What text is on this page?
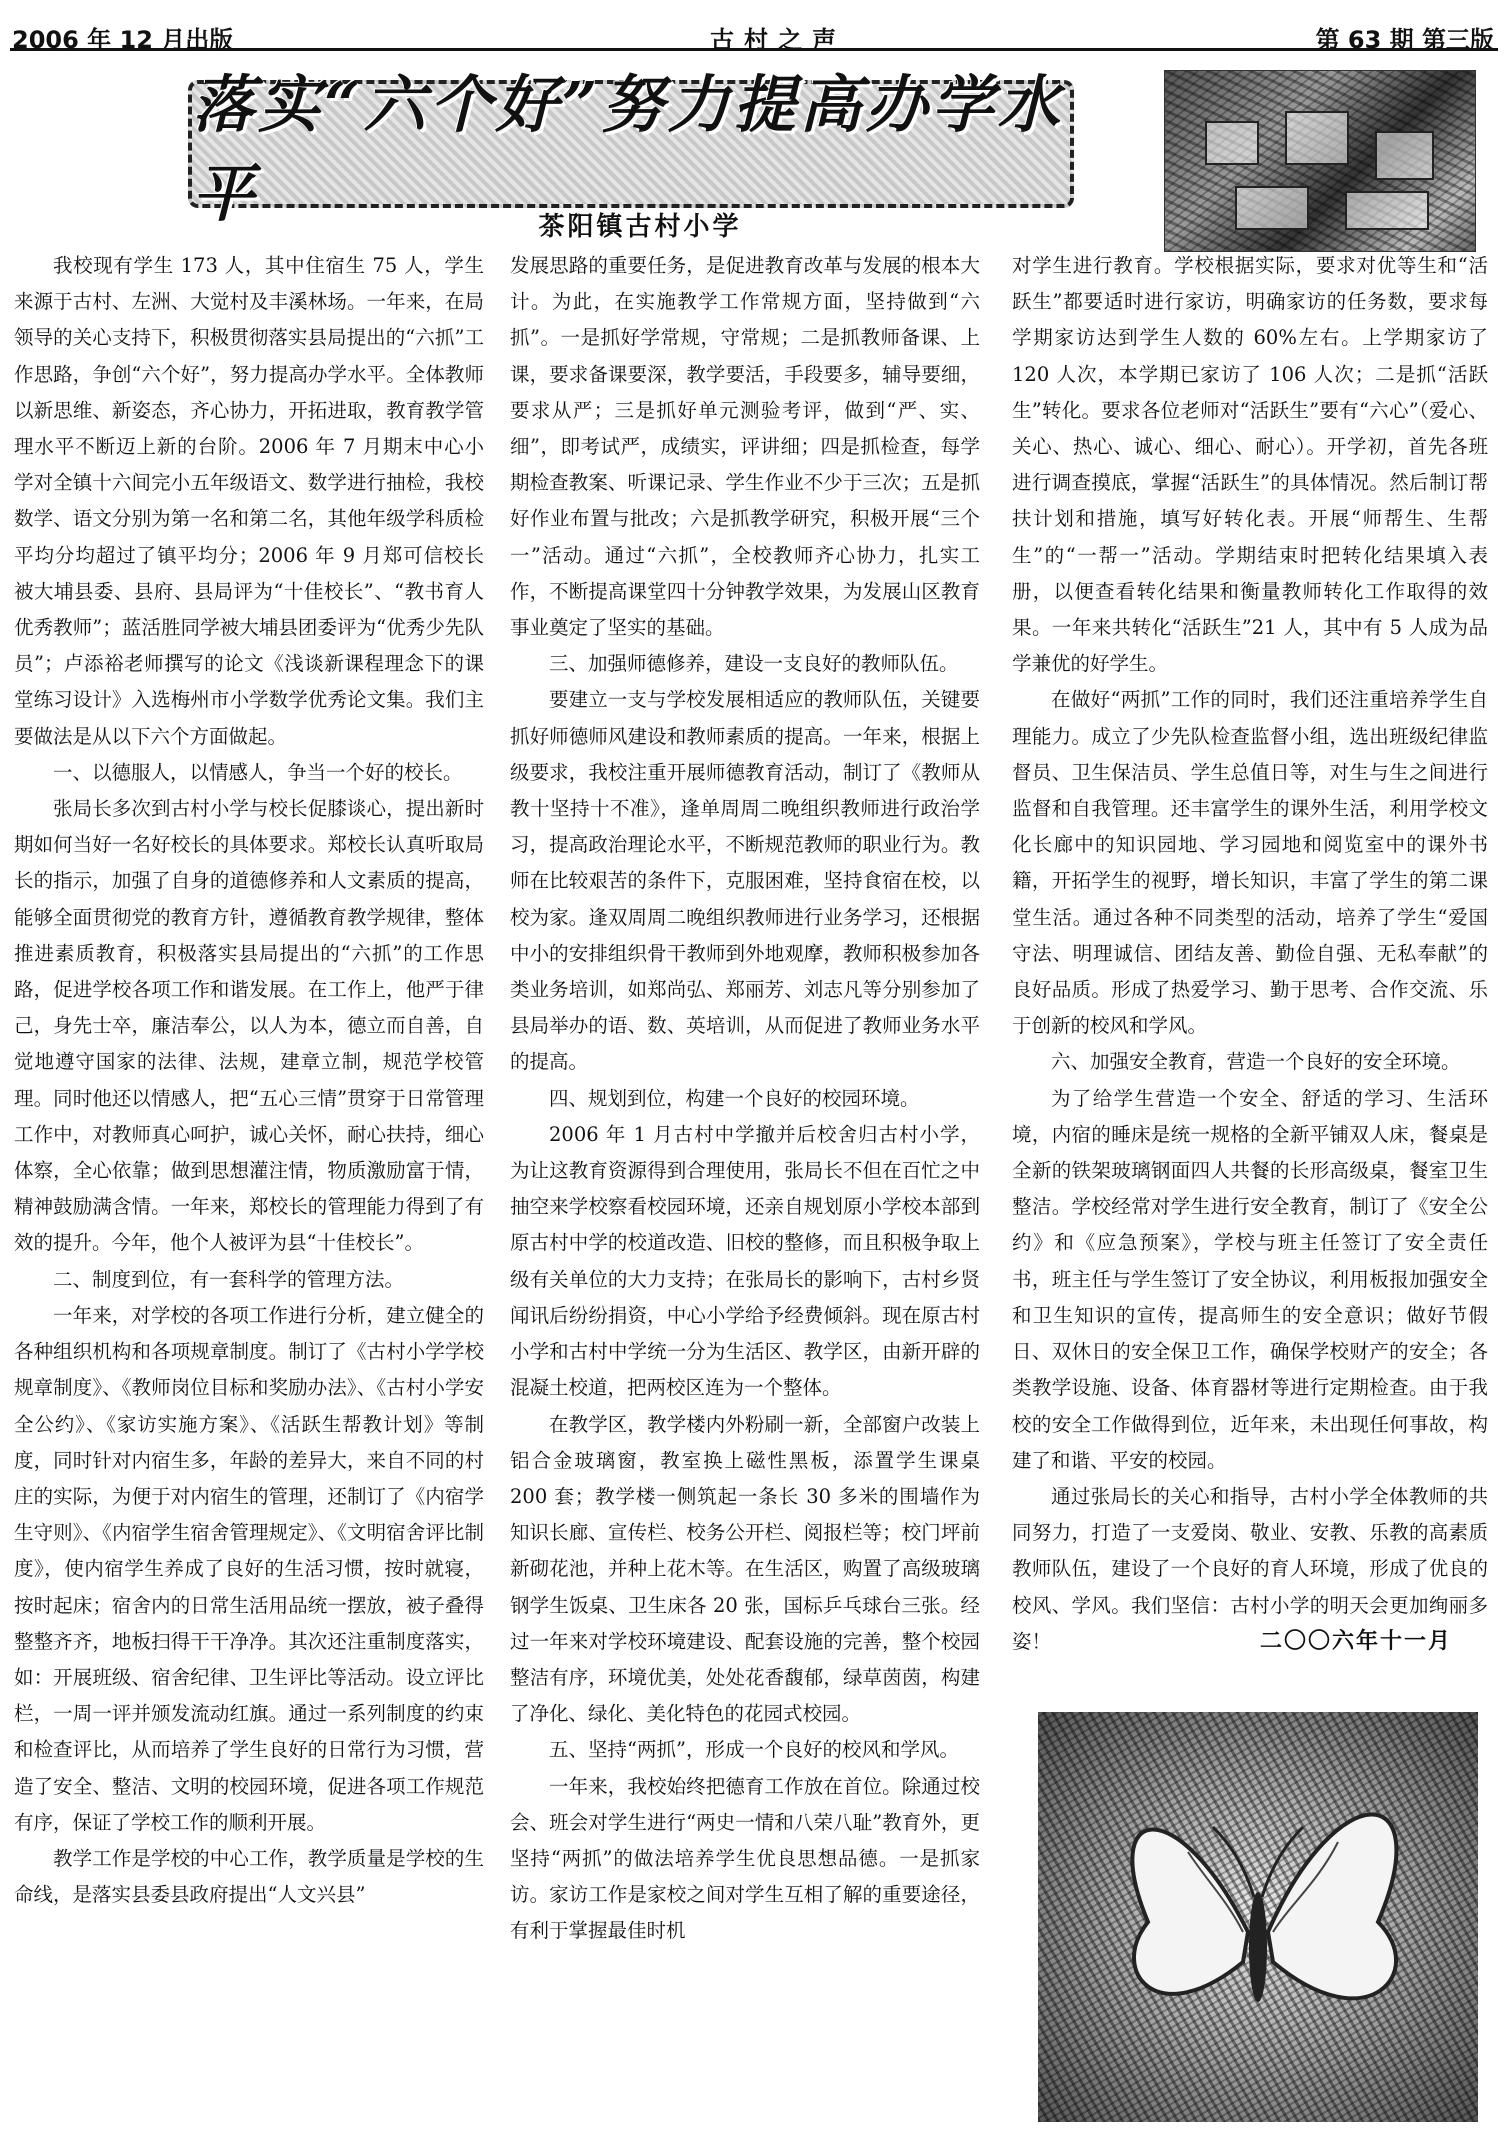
2006 年 12 月出版	古村之声	第 63 期 第三版
落实“六个好”努力提高办学水平	茶阳镇古村小学

我校现有学生 173 人，其中住宿生 75 人，学生来源于古村、左洲、大觉村及丰溪林场。一年来，在局领导的关心支持下，积极贯彻落实县局提出的“六抓”工作思路，争创“六个好”，努力提高办学水平。全体教师以新思维、新姿态，齐心协力，开拓进取，教育教学管理水平不断迈上新的台阶。2006 年 7 月期末中心小学对全镇十六间完小五年级语文、数学进行抽检，我校数学、语文分别为第一名和第二名，其他年级学科质检平均分均超过了镇平均分；2006 年 9 月郑可信校长被大埔县委、县府、县局评为“十佳校长”、“教书育人优秀教师”；蓝活胜同学被大埔县团委评为“优秀少先队员”；卢添裕老师撰写的论文《浅谈新课程理念下的课堂练习设计》入选梅州市小学数学优秀论文集。我们主要做法是从以下六个方面做起。

一、以德服人，以情感人，争当一个好的校长。

张局长多次到古村小学与校长促膝谈心，提出新时期如何当好一名好校长的具体要求。郑校长认真听取局长的指示，加强了自身的道德修养和人文素质的提高，能够全面贯彻党的教育方针，遵循教育教学规律，整体推进素质教育，积极落实县局提出的“六抓”的工作思路，促进学校各项工作和谐发展。在工作上，他严于律己，身先士卒，廉洁奉公，以人为本，德立而自善，自觉地遵守国家的法律、法规，建章立制，规范学校管理。同时他还以情感人，把“五心三情”贯穿于日常管理工作中，对教师真心呵护，诚心关怀，耐心扶持，细心体察，全心依靠；做到思想灌注情，物质激励富于情，精神鼓励满含情。一年来，郑校长的管理能力得到了有效的提升。今年，他个人被评为县“十佳校长”。

二、制度到位，有一套科学的管理方法。

一年来，对学校的各项工作进行分析，建立健全的各种组织机构和各项规章制度。制订了《古村小学学校规章制度》、《教师岗位目标和奖励办法》、《古村小学安全公约》、《家访实施方案》、《活跃生帮教计划》等制度，同时针对内宿生多，年龄的差异大，来自不同的村庄的实际，为便于对内宿生的管理，还制订了《内宿学生守则》、《内宿学生宿舍管理规定》、《文明宿舍评比制度》，使内宿学生养成了良好的生活习惯，按时就寝，按时起床；宿舍内的日常生活用品统一摆放，被子叠得整整齐齐，地板扫得干干净净。其次还注重制度落实，如：开展班级、宿舍纪律、卫生评比等活动。设立评比栏，一周一评并颁发流动红旗。通过一系列制度的约束和检查评比，从而培养了学生良好的日常行为习惯，营造了安全、整洁、文明的校园环境，促进各项工作规范有序，保证了学校工作的顺利开展。

教学工作是学校的中心工作，教学质量是学校的生命线，是落实县委县政府提出“人文兴县”

发展思路的重要任务，是促进教育改革与发展的根本大计。为此，在实施教学工作常规方面，坚持做到“六抓”。一是抓好学常规，守常规；二是抓教师备课、上课，要求备课要深，教学要活，手段要多，辅导要细，要求从严；三是抓好单元测验考评，做到“严、实、细”，即考试严，成绩实，评讲细；四是抓检查，每学期检查教案、听课记录、学生作业不少于三次；五是抓好作业布置与批改；六是抓教学研究，积极开展“三个一”活动。通过“六抓”，全校教师齐心协力，扎实工作，不断提高课堂四十分钟教学效果，为发展山区教育事业奠定了坚实的基础。

三、加强师德修养，建设一支良好的教师队伍。

要建立一支与学校发展相适应的教师队伍，关键要抓好师德师风建设和教师素质的提高。一年来，根据上级要求，我校注重开展师德教育活动，制订了《教师从教十坚持十不准》，逢单周周二晚组织教师进行政治学习，提高政治理论水平，不断规范教师的职业行为。教师在比较艰苦的条件下，克服困难，坚持食宿在校，以校为家。逢双周周二晚组织教师进行业务学习，还根据中小的安排组织骨干教师到外地观摩，教师积极参加各类业务培训，如郑尚弘、郑丽芳、刘志凡等分别参加了县局举办的语、数、英培训，从而促进了教师业务水平的提高。

四、规划到位，构建一个良好的校园环境。

2006 年 1 月古村中学撤并后校舍归古村小学，为让这教育资源得到合理使用，张局长不但在百忙之中抽空来学校察看校园环境，还亲自规划原小学校本部到原古村中学的校道改造、旧校的整修，而且积极争取上级有关单位的大力支持；在张局长的影响下，古村乡贤闻讯后纷纷捐资，中心小学给予经费倾斜。现在原古村小学和古村中学统一分为生活区、教学区，由新开辟的混凝土校道，把两校区连为一个整体。

在教学区，教学楼内外粉刷一新，全部窗户改装上铝合金玻璃窗，教室换上磁性黑板，添置学生课桌 200 套；教学楼一侧筑起一条长 30 多米的围墙作为知识长廊、宣传栏、校务公开栏、阅报栏等；校门坪前新砌花池，并种上花木等。在生活区，购置了高级玻璃钢学生饭桌、卫生床各 20 张，国标乒乓球台三张。经过一年来对学校环境建设、配套设施的完善，整个校园整洁有序，环境优美，处处花香馥郁，绿草茵茵，构建了净化、绿化、美化特色的花园式校园。

五、坚持“两抓”，形成一个良好的校风和学风。

一年来，我校始终把德育工作放在首位。除通过校会、班会对学生进行“两史一情和八荣八耻”教育外，更坚持“两抓”的做法培养学生优良思想品德。一是抓家访。家访工作是家校之间对学生互相了解的重要途径，有利于掌握最佳时机

对学生进行教育。学校根据实际，要求对优等生和“活跃生”都要适时进行家访，明确家访的任务数，要求每学期家访达到学生人数的 60%左右。上学期家访了 120 人次，本学期已家访了 106 人次；二是抓“活跃生”转化。要求各位老师对“活跃生”要有“六心”（爱心、关心、热心、诚心、细心、耐心）。开学初，首先各班进行调查摸底，掌握“活跃生”的具体情况。然后制订帮扶计划和措施，填写好转化表。开展“师帮生、生帮生”的“一帮一”活动。学期结束时把转化结果填入表册，以便查看转化结果和衡量教师转化工作取得的效果。一年来共转化“活跃生”21 人，其中有 5 人成为品学兼优的好学生。

在做好“两抓”工作的同时，我们还注重培养学生自理能力。成立了少先队检查监督小组，选出班级纪律监督员、卫生保洁员、学生总值日等，对生与生之间进行监督和自我管理。还丰富学生的课外生活，利用学校文化长廊中的知识园地、学习园地和阅览室中的课外书籍，开拓学生的视野，增长知识，丰富了学生的第二课堂生活。通过各种不同类型的活动，培养了学生“爱国守法、明理诚信、团结友善、勤俭自强、无私奉献”的良好品质。形成了热爱学习、勤于思考、合作交流、乐于创新的校风和学风。

六、加强安全教育，营造一个良好的安全环境。

为了给学生营造一个安全、舒适的学习、生活环境，内宿的睡床是统一规格的全新平铺双人床，餐桌是全新的铁架玻璃钢面四人共餐的长形高级桌，餐室卫生整洁。学校经常对学生进行安全教育，制订了《安全公约》和《应急预案》，学校与班主任签订了安全责任书，班主任与学生签订了安全协议，利用板报加强安全和卫生知识的宣传，提高师生的安全意识；做好节假日、双休日的安全保卫工作，确保学校财产的安全；各类教学设施、设备、体育器材等进行定期检查。由于我校的安全工作做得到位，近年来，未出现任何事故，构建了和谐、平安的校园。

通过张局长的关心和指导，古村小学全体教师的共同努力，打造了一支爱岗、敬业、安教、乐教的高素质教师队伍，建设了一个良好的育人环境，形成了优良的校风、学风。我们坚信：古村小学的明天会更加绚丽多姿！	二〇〇六年十一月
